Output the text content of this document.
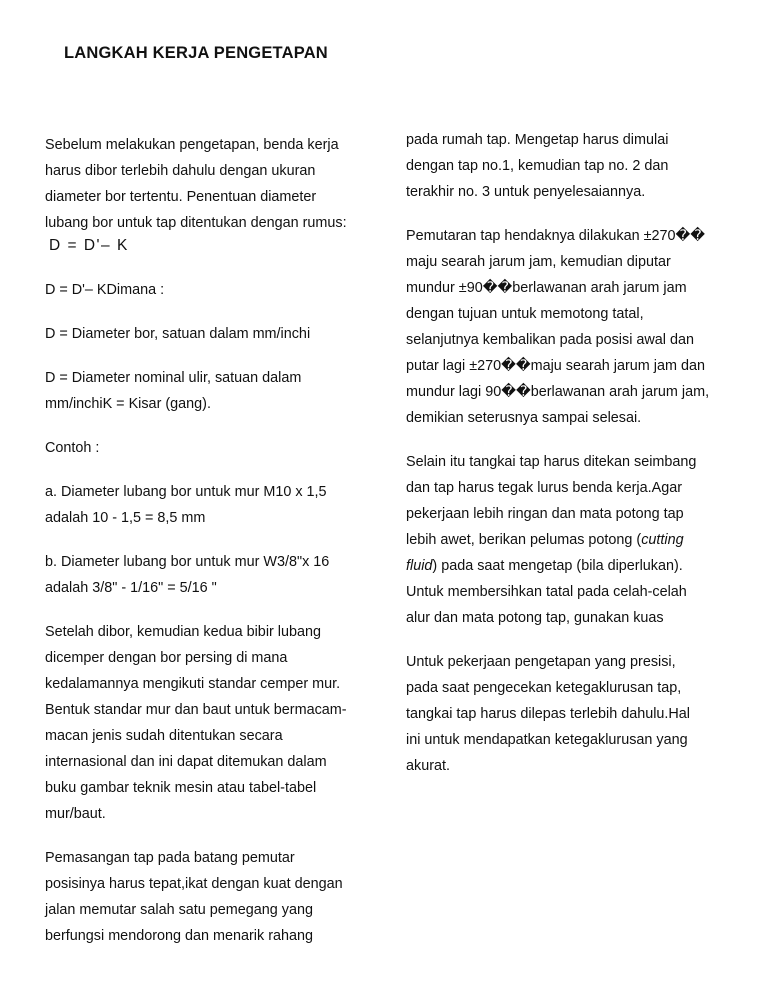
LANGKAH KERJA PENGETAPAN
Sebelum melakukan pengetapan, benda kerja
harus dibor terlebih dahulu dengan ukuran
diameter bor tertentu. Penentuan diameter
lubang bor untuk tap ditentukan dengan rumus:
D = D'– K
D = D'– KDimana :
D = Diameter bor, satuan dalam mm/inchi
D = Diameter nominal ulir, satuan dalam
mm/inchiK = Kisar (gang).
Contoh :
a. Diameter lubang bor untuk mur M10 x 1,5
adalah 10 - 1,5 = 8,5 mm
b. Diameter lubang bor untuk mur W3/8"x 16
adalah 3/8" - 1/16" = 5/16 "
Setelah dibor, kemudian kedua bibir lubang
dicemper dengan bor persing di mana
kedalamannya mengikuti standar cemper mur.
Bentuk standar mur dan baut untuk bermacam-
macan jenis sudah ditentukan secara
internasional dan ini dapat ditemukan dalam
buku gambar teknik mesin atau tabel-tabel
mur/baut.
Pemasangan tap pada batang pemutar
posisinya harus tepat,ikat dengan kuat dengan
jalan memutar salah satu pemegang yang
berfungsi mendorong dan menarik rahang
pada rumah tap. Mengetap harus dimulai
dengan tap no.1, kemudian tap no. 2 dan
terakhir no. 3 untuk penyelesaiannya.
Pemutaran tap hendaknya dilakukan ±270��
maju searah jarum jam, kemudian diputar
mundur ±90��berlawanan arah jarum jam
dengan tujuan untuk memotong tatal,
selanjutnya kembalikan pada posisi awal dan
putar lagi ±270��maju searah jarum jam dan
mundur lagi 90��berlawanan arah jarum jam,
demikian seterusnya sampai selesai.
Selain itu tangkai tap harus ditekan seimbang
dan tap harus tegak lurus benda kerja.Agar
pekerjaan lebih ringan dan mata potong tap
lebih awet, berikan pelumas potong (cutting
fluid) pada saat mengetap (bila diperlukan).
Untuk membersihkan tatal pada celah-celah
alur dan mata potong tap, gunakan kuas
Untuk pekerjaan pengetapan yang presisi,
pada saat pengecekan ketegaklurusan tap,
tangkai tap harus dilepas terlebih dahulu.Hal
ini untuk mendapatkan ketegaklurusan yang
akurat.
